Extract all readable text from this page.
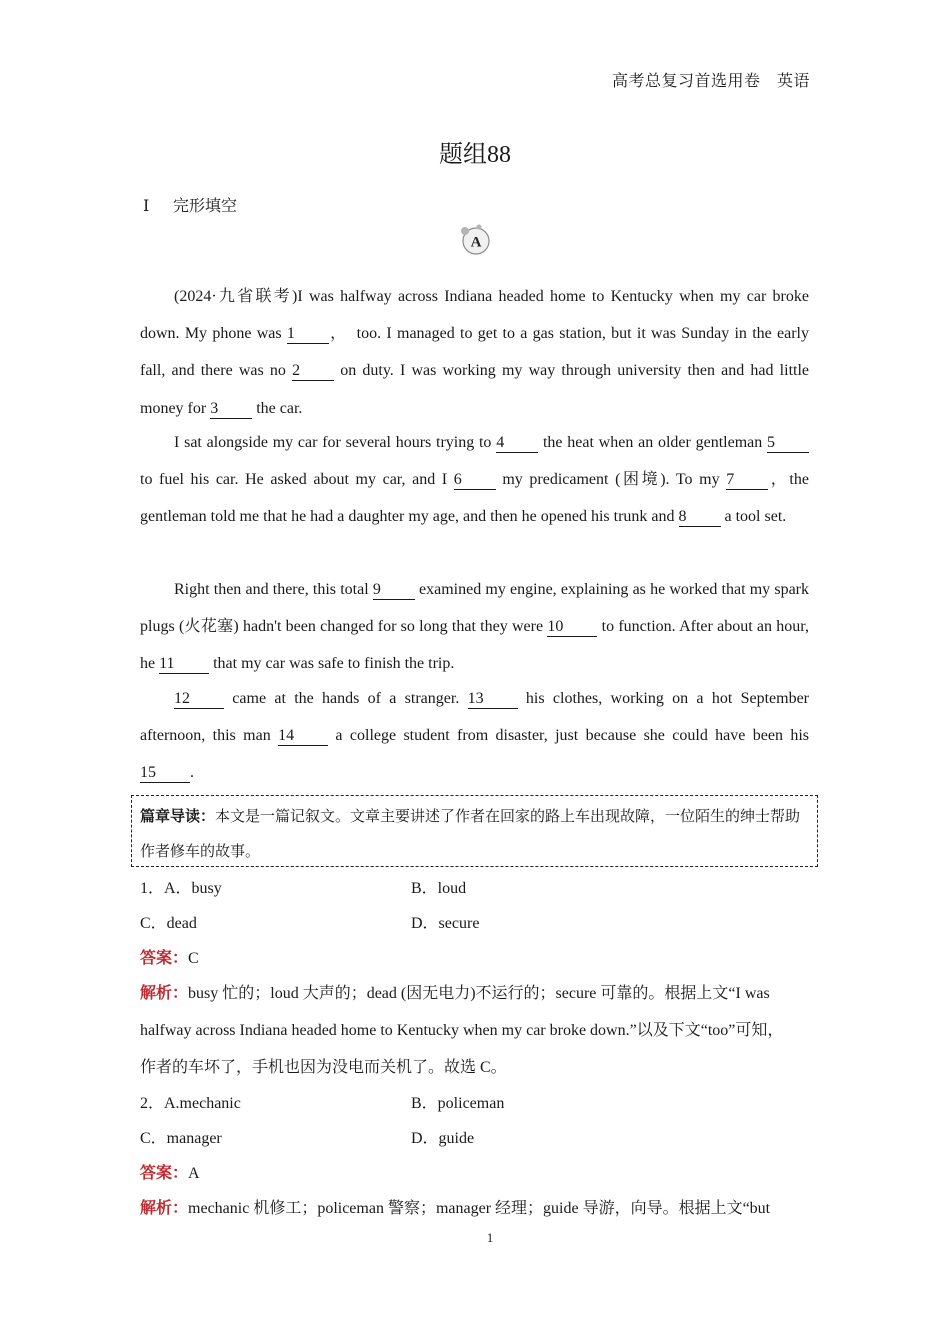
高考总复习首选用卷　英语
题组88
Ⅰ 完形填空
A
(2024·九省联考)I was halfway across Indiana headed home to Kentucky when my car broke down. My phone was 1 ，　too. I managed to get to a gas station, but it was Sunday in the early fall, and there was no 2 on duty. I was working my way through university then and had little money for 3 the car.
I sat alongside my car for several hours trying to 4 the heat when an older gentleman 5 to fuel his car. He asked about my car, and I 6 my predicament (困境). To my 7 ，the gentleman told me that he had a daughter my age, and then he opened his trunk and 8 a tool set.
Right then and there, this total 9 examined my engine, explaining as he worked that my spark plugs (火花塞) hadn't been changed for so long that they were 10 to function. After about an hour, he 11 that my car was safe to finish the trip.
12 came at the hands of a stranger. 13 his clothes, working on a hot September afternoon, this man 14 a college student from disaster, just because she could have been his 15 .
篇章导读：本文是一篇记叙文。文章主要讲述了作者在回家的路上车出现故障，一位陌生的绅士帮助作者修车的故事。
1．A．busy	B．loud
C．dead	D．secure
答案：C
解析：busy 忙的；loud 大声的；dead (因无电力)不运行的；secure 可靠的。根据上文“I was
halfway across Indiana headed home to Kentucky when my car broke down.”以及下文“too”可知，
作者的车坏了，手机也因为没电而关机了。故选 C。
2．A.mechanic	B．policeman
C．manager	D．guide
答案：A
解析：mechanic 机修工；policeman 警察；manager 经理；guide 导游，向导。根据上文“but
1
